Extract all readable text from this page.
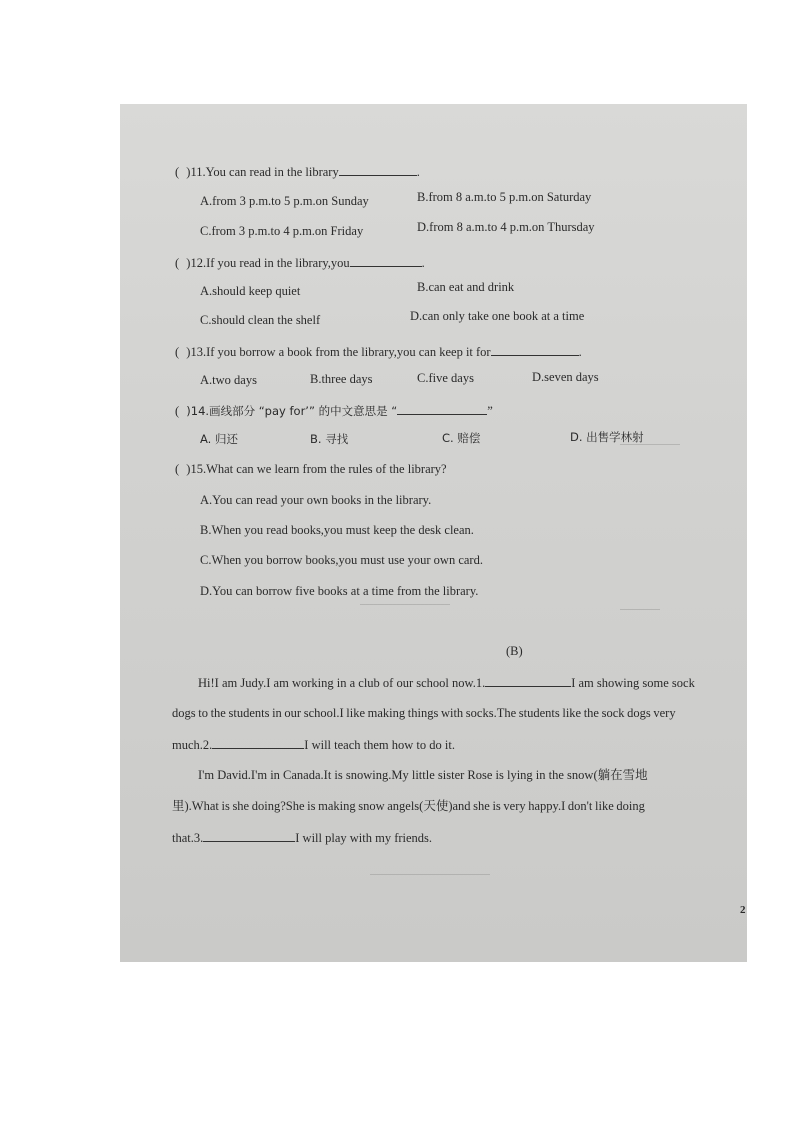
( )11.You can read in the library	.
A.from 3 p.m.to 5 p.m.on Sunday	B.from 8 a.m.to 5 p.m.on Saturday
C.from 3 p.m.to 4 p.m.on Friday	D.from 8 a.m.to 4 p.m.on Thursday
( )12.If you read in the library,you	.
A.should keep quiet	B.can eat and drink
C.should clean the shelf	D.can only take one book at a time
( )13.If you borrow a book from the library,you can keep it for	.
A.two days	B.three days	C.five days	D.seven days
( )14.画线部分 “pay for’” 的中文意思是 “	”
A. 归还	B. 寻找	C. 赔偿	D. 出售学林射
( )15.What can we learn from the rules of the library?
A.You can read your own books in the library.
B.When you read books,you must keep the desk clean.
C.When you borrow books,you must use your own card.
D.You can borrow five books at a time from the library.
(B)
Hi!I am Judy.I am working in a club of our school now.1.	I am showing some sock
dogs to the students in our school.I like making things with socks.The students like the sock dogs very
much.2.	I will teach them how to do it.
I'm David.I'm in Canada.It is snowing.My little sister Rose is lying in the snow(躺在雪地
里).What is she doing?She is making snow angels(天使)and she is very happy.I don't like doing
that.3.	I will play with my friends.
2
